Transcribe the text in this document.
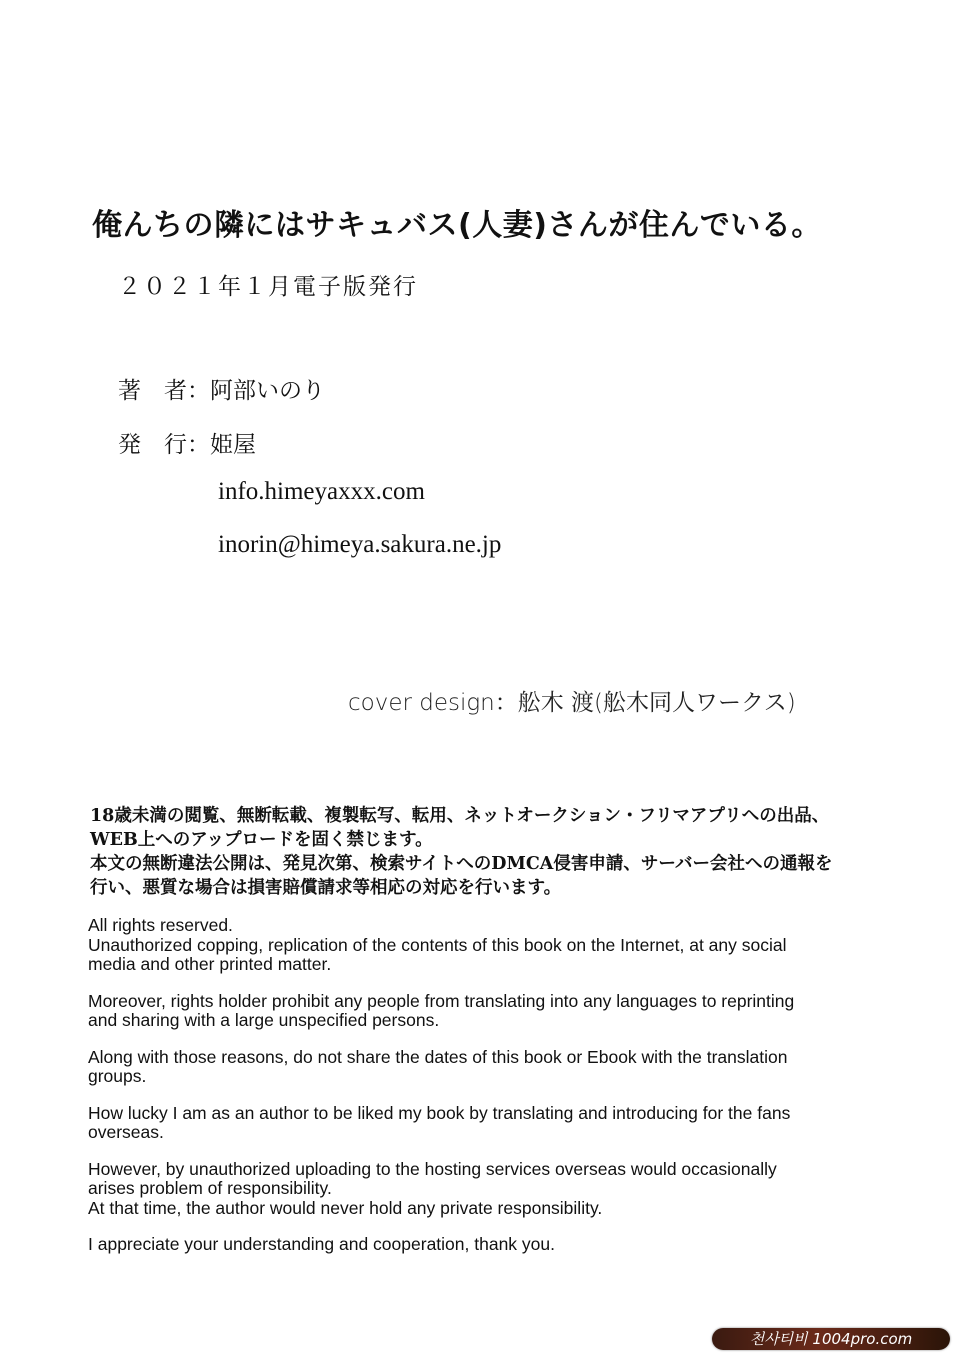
俺んちの隣にはサキュバス(人妻)さんが住んでいる。
２０２１年１月電子版発行
著　者：阿部いのり
発　行：姫屋
info.himeyaxxx.com
inorin@himeya.sakura.ne.jp
cover design：舩木 渡(舩木同人ワークス)
18歳未満の閲覧、無断転載、複製転写、転用、ネットオークション・フリマアプリへの出品、
WEB上へのアップロードを固く禁じます。
本文の無断違法公開は、発見次第、検索サイトへのDMCA侵害申請、サーバー会社への通報を
行い、悪質な場合は損害賠償請求等相応の対応を行います。

All rights reserved.

Unauthorized copping, replication of the contents of this book on the Internet, at any social

media and other printed matter.

Moreover, rights holder prohibit any people from translating into any languages to reprinting

and sharing with a large unspecified persons.

Along with those reasons, do not share the dates of this book or Ebook with the translation

groups.

How lucky I am as an author to be liked my book by translating and introducing for the fans

overseas.

However, by unauthorized uploading to the hosting services overseas would occasionally

arises problem of responsibility.

At that time, the author would never hold any private responsibility.

I appreciate your understanding and cooperation, thank you.

천사티비 1004pro.com
